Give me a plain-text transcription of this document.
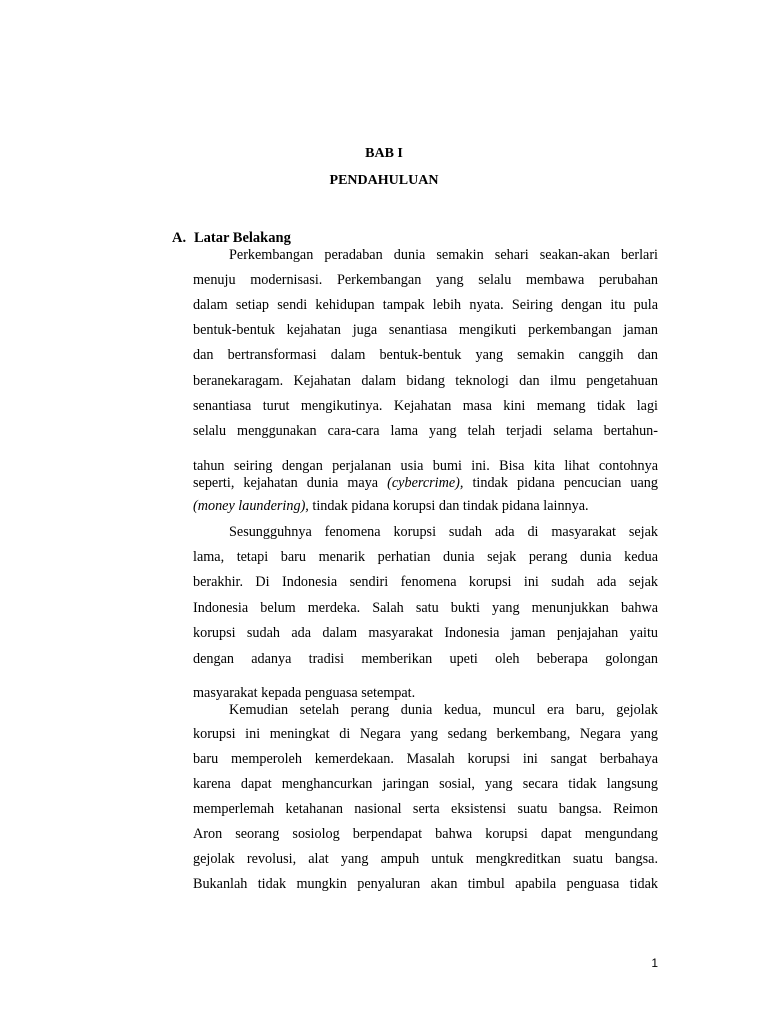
BAB I
PENDAHULUAN
A. Latar Belakang
Perkembangan peradaban dunia semakin sehari seakan-akan berlari
menuju modernisasi. Perkembangan yang selalu membawa perubahan
dalam setiap sendi kehidupan tampak lebih nyata. Seiring dengan itu pula
bentuk-bentuk kejahatan juga senantiasa mengikuti perkembangan jaman
dan bertransformasi dalam bentuk-bentuk yang semakin canggih dan
beranekaragam. Kejahatan dalam bidang teknologi dan ilmu pengetahuan
senantiasa turut mengikutinya. Kejahatan masa kini memang tidak lagi
selalu menggunakan cara-cara lama yang telah terjadi selama bertahun-
tahun seiring dengan perjalanan usia bumi ini. Bisa kita lihat contohnya
seperti, kejahatan dunia maya (cybercrime), tindak pidana pencucian uang
(money laundering), tindak pidana korupsi dan tindak pidana lainnya.
Sesungguhnya fenomena korupsi sudah ada di masyarakat sejak
lama, tetapi baru menarik perhatian dunia sejak perang dunia kedua
berakhir. Di Indonesia sendiri fenomena korupsi ini sudah ada sejak
Indonesia belum merdeka. Salah satu bukti yang menunjukkan bahwa
korupsi sudah ada dalam masyarakat Indonesia jaman penjajahan yaitu
dengan adanya tradisi memberikan upeti oleh beberapa golongan
masyarakat kepada penguasa setempat.
Kemudian setelah perang dunia kedua, muncul era baru, gejolak
korupsi ini meningkat di Negara yang sedang berkembang, Negara yang
baru memperoleh kemerdekaan. Masalah korupsi ini sangat berbahaya
karena dapat menghancurkan jaringan sosial, yang secara tidak langsung
memperlemah ketahanan nasional serta eksistensi suatu bangsa. Reimon
Aron seorang sosiolog berpendapat bahwa korupsi dapat mengundang
gejolak revolusi, alat yang ampuh untuk mengkreditkan suatu bangsa.
Bukanlah tidak mungkin penyaluran akan timbul apabila penguasa tidak
1
